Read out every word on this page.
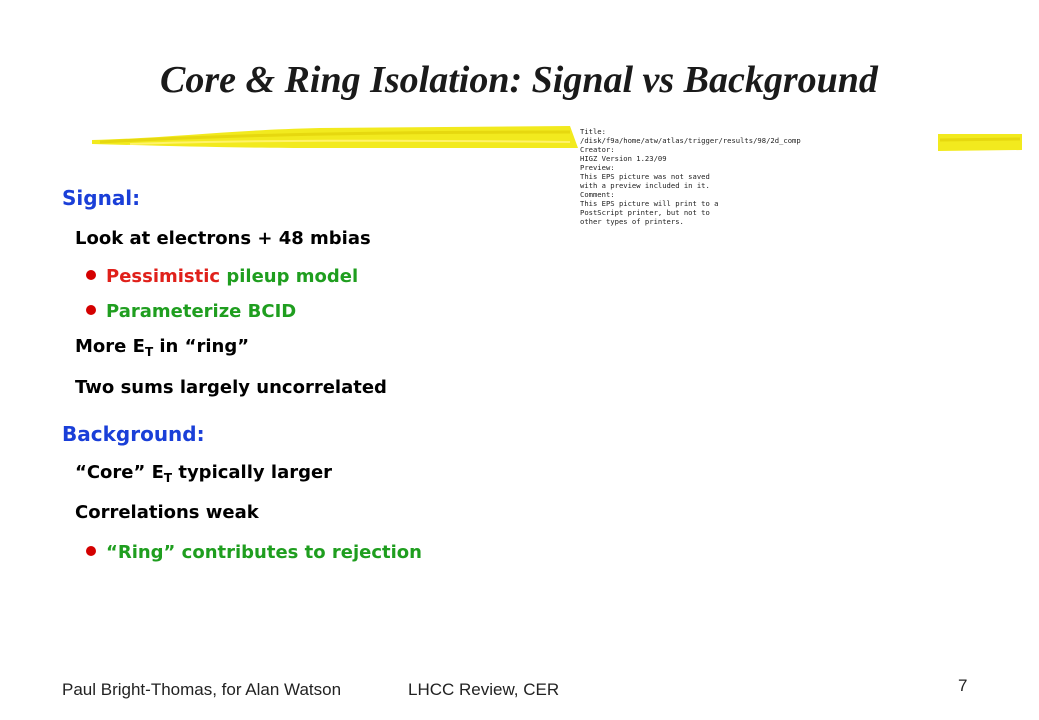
Core & Ring Isolation: Signal vs Background
Title:
/disk/f9a/home/atw/atlas/trigger/results/98/2d_comp
Creator:
HIGZ Version 1.23/09
Preview:
This EPS picture was not saved
with a preview included in it.
Comment:
This EPS picture will print to a
PostScript printer, but not to
other types of printers.
Signal:
Look at electrons + 48 mbias
Pessimistic pileup model
Parameterize BCID
More $E_T$ in “ring”
Two sums largely uncorrelated
Background:
“Core” $E_T$ typically larger
Correlations weak
“Ring” contributes to rejection
Paul Bright-Thomas, for Alan Watson	LHCC Review, CER	7
